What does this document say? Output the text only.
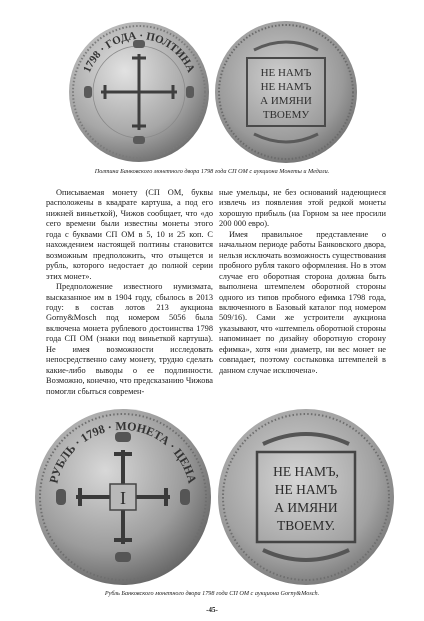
1798 · ГОДА · ПОЛТИНА	НЕ НАМЪ
НЕ НАМЪ
А ИМЯНИ
ТВОЕМУ
Полтина Банковского монетного двора 1798 года СП ОМ с аукциона Монеты и Медали.

Описываемая монету (СП ОМ, буквы расположены в квадрате картуша, а под его нижней виньеткой), Чижов сообщает, что «до сего времени были известны монеты этого года с буквами СП ОМ в 5, 10 и 25 коп. С нахождением настоящей полтины становится возможным предположить, что отыщется и рубль, которого недостает до полной серии этих монет».

Предположение известного нумизмата, высказанное им в 1904 году, сбылось в 2013 году: в состав лотов 213 аукциона Gorny&Mosch под номером 5056 была включена монета рублевого достоинства 1798 года СП ОМ (знаки под виньеткой картуша). Не имея возможности исследовать непосредственно саму монету, трудно сделать какие-либо выводы о ее подлинности. Возможно, конечно, что предсказанию Чижова помогли сбыться современ-

ные умельцы, не без оснований надеющиеся извлечь из появления этой редкой монеты хорошую прибыль (на Горном за нее просили 200 000 евро).

Имея правильное представление о начальном периоде работы Банковского двора, нельзя исключать возможность существования пробного рубля такого оформления. Но в этом случае его оборотная сторона должна быть выполнена штемпелем оборотной стороны одного из типов пробного ефимка 1798 года, включенного в Базовый каталог под номером 509/16). Сами же устроители аукциона указывают, что «штемпель оборотной стороны напоминает по дизайну оборотную сторону ефимка», хотя «ни диаметр, ни вес монет не совпадает, поэтому состыковка штемпелей в данном случае исключена».

I
РУБЛЬ · 1798 · МОНЕТА · ЦЕНА	НЕ НАМЪ,
НЕ НАМЪ
А ИМЯНИ
ТВОЕМУ.
Рубль Банковского монетного двора 1798 года СП ОМ с аукциона Gorny&Mosch.
-45-
